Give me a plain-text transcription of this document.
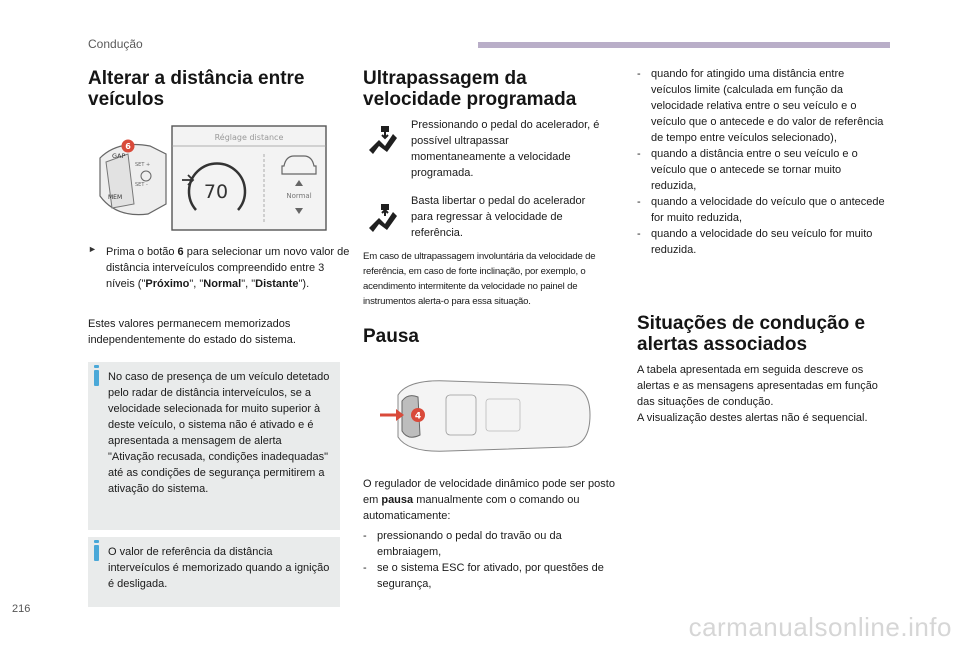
Condução
Alterar a distância entre veículos
GAP
MEM
SET +
SET -
6
Réglage distance
70	Normal
► Prima o botão 6 para selecionar um novo valor de distância interveículos compreendido entre 3 níveis ("Próximo", "Normal", "Distante").

Estes valores permanecem memorizados independentemente do estado do sistema.

No caso de presença de um veículo detetado pelo radar de distância interveículos, se a velocidade selecionada for muito superior à deste veículo, o sistema não é ativado e é apresentada a mensagem de alerta "Ativação recusada, condições inadequadas" até as condições de segurança permitirem a ativação do sistema.

O valor de referência da distância interveículos é memorizado quando a ignição é desligada.

Ultrapassagem da velocidade programada

Pressionando o pedal do acelerador, é possível ultrapassar momentaneamente a velocidade programada.

Basta libertar o pedal do acelerador para regressar à velocidade de referência.

Em caso de ultrapassagem involuntária da velocidade de referência, em caso de forte inclinação, por exemplo, o acendimento intermitente da velocidade no painel de instrumentos alerta-o para essa situação.

Pausa
4

O regulador de velocidade dinâmico pode ser posto em pausa manualmente com o comando ou automaticamente:

- pressionando o pedal do travão ou da embraiagem,
- se o sistema ESC for ativado, por questões de segurança,
- quando for atingido uma distância entre veículos limite (calculada em função da velocidade relativa entre o seu veículo e o veículo que o antecede e do valor de referência de tempo entre veículos selecionado),
- quando a distância entre o seu veículo e o veículo que o antecede se tornar muito reduzida,
- quando a velocidade do veículo que o antecede for muito reduzida,
- quando a velocidade do seu veículo for muito reduzida.
Situações de condução e alertas associados

A tabela apresentada em seguida descreve os alertas e as mensagens apresentadas em função das situações de condução.

A visualização destes alertas não é sequencial.

216
carmanualsonline.info
